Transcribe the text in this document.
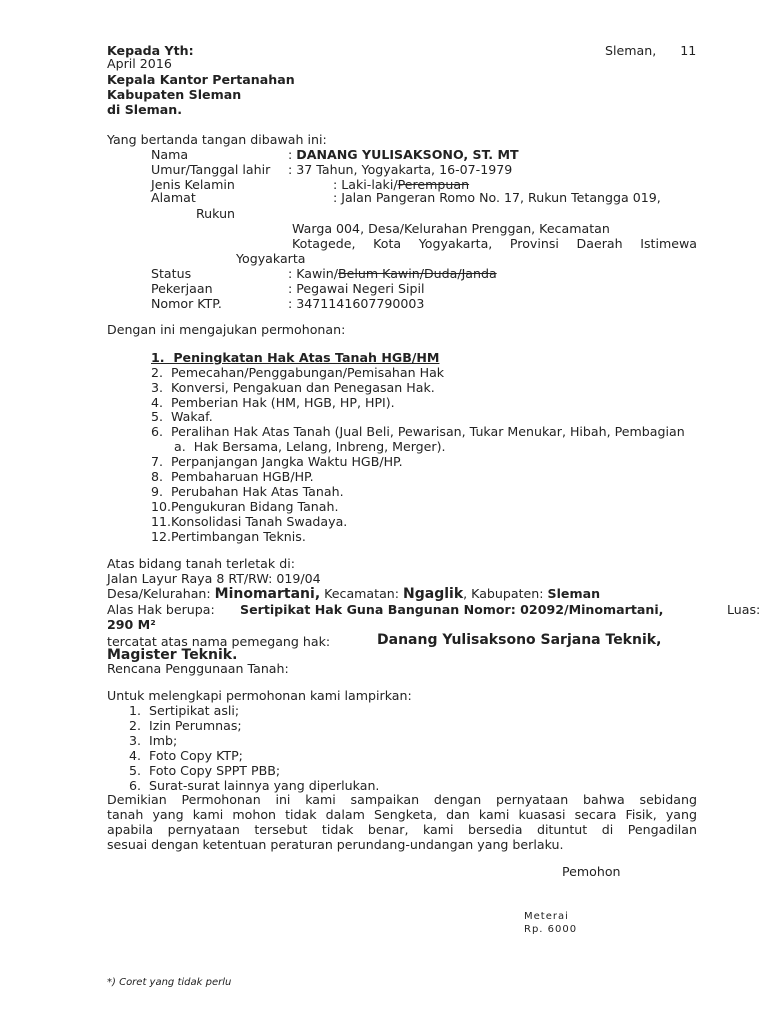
Kepada Yth:	Sleman,      11
April 2016
Kepala Kantor Pertanahan
Kabupaten Sleman
di Sleman.
Yang bertanda tangan dibawah ini:
Nama	: DANANG YULISAKSONO, ST. MT
Umur/Tanggal lahir : 37 Tahun, Yogyakarta, 16-07-1979
Jenis Kelamin	: Laki-laki/Perempuan
Alamat	: Jalan Pangeran Romo No. 17, Rukun Tetangga 019,
Rukun
Warga 004, Desa/Kelurahan Prenggan, Kecamatan
Kotagede, Kota Yogyakarta, Provinsi Daerah Istimewa
Yogyakarta
Status	: Kawin/Belum Kawin/Duda/Janda
Pekerjaan	: Pegawai Negeri Sipil
Nomor KTP.	: 3471141607790003
Dengan ini mengajukan permohonan:
1.  Peningkatan Hak Atas Tanah HGB/HM
2.  Pemecahan/Penggabungan/Pemisahan Hak
3.  Konversi, Pengakuan dan Penegasan Hak.
4.  Pemberian Hak (HM, HGB, HP, HPI).
5.  Wakaf.
6.  Peralihan Hak Atas Tanah (Jual Beli, Pewarisan, Tukar Menukar, Hibah, Pembagian
a.  Hak Bersama, Lelang, Inbreng, Merger).
7.  Perpanjangan Jangka Waktu HGB/HP.
8.  Pembaharuan HGB/HP.
9.  Perubahan Hak Atas Tanah.
10.Pengukuran Bidang Tanah.
11.Konsolidasi Tanah Swadaya.
12.Pertimbangan Teknis.
Atas bidang tanah terletak di:
Jalan Layur Raya 8 RT/RW: 019/04
Desa/Kelurahan: Minomartani, Kecamatan: Ngaglik, Kabupaten: Sleman
Alas Hak berupa: Sertipikat Hak Guna Bangunan Nomor: 02092/Minomartani,	Luas:
290 M²
tercatat atas nama pemegang hak:	Danang Yulisaksono Sarjana Teknik,
Magister Teknik.
Rencana Penggunaan Tanah:
Untuk melengkapi permohonan kami lampirkan:
1.  Sertipikat asli;
2.  Izin Perumnas;
3.  Imb;
4.  Foto Copy KTP;
5.  Foto Copy SPPT PBB;
6.  Surat-surat lainnya yang diperlukan.
Demikian Permohonan ini kami sampaikan dengan pernyataan bahwa sebidang
tanah yang kami mohon tidak dalam Sengketa, dan kami kuasasi secara Fisik, yang
apabila pernyataan tersebut tidak benar, kami bersedia dituntut di Pengadilan
sesuai dengan ketentuan peraturan perundang-undangan yang berlaku.
Pemohon
Meterai
Rp. 6000
*) Coret yang tidak perlu
